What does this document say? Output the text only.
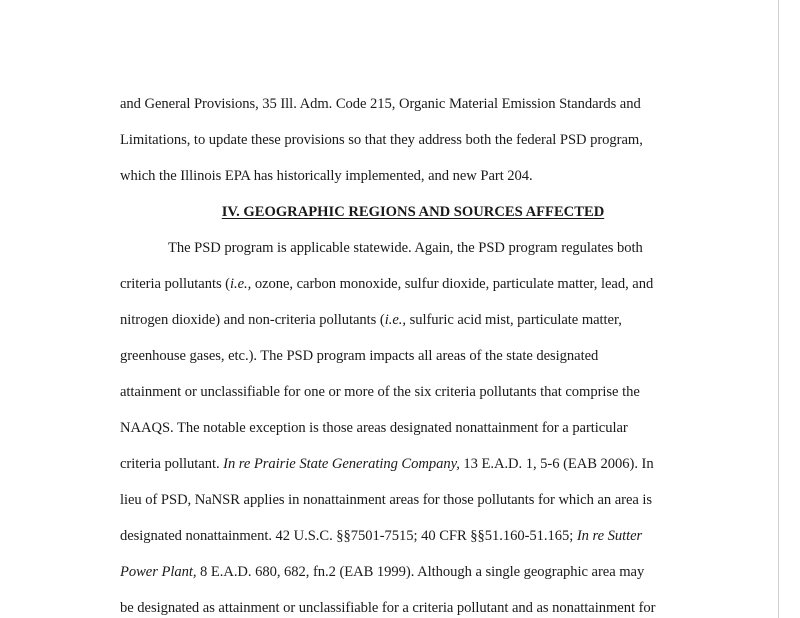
and General Provisions, 35 Ill. Adm. Code 215, Organic Material Emission Standards and
Limitations, to update these provisions so that they address both the federal PSD program,
which the Illinois EPA has historically implemented, and new Part 204.
IV. GEOGRAPHIC REGIONS AND SOURCES AFFECTED
The PSD program is applicable statewide. Again, the PSD program regulates both
criteria pollutants (i.e., ozone, carbon monoxide, sulfur dioxide, particulate matter, lead, and
nitrogen dioxide) and non-criteria pollutants (i.e., sulfuric acid mist, particulate matter,
greenhouse gases, etc.). The PSD program impacts all areas of the state designated
attainment or unclassifiable for one or more of the six criteria pollutants that comprise the
NAAQS. The notable exception is those areas designated nonattainment for a particular
criteria pollutant. In re Prairie State Generating Company, 13 E.A.D. 1, 5-6 (EAB 2006). In
lieu of PSD, NaNSR applies in nonattainment areas for those pollutants for which an area is
designated nonattainment. 42 U.S.C. §§7501-7515; 40 CFR §§51.160-51.165; In re Sutter
Power Plant, 8 E.A.D. 680, 682, fn.2 (EAB 1999). Although a single geographic area may
be designated as attainment or unclassifiable for a criteria pollutant and as nonattainment for
